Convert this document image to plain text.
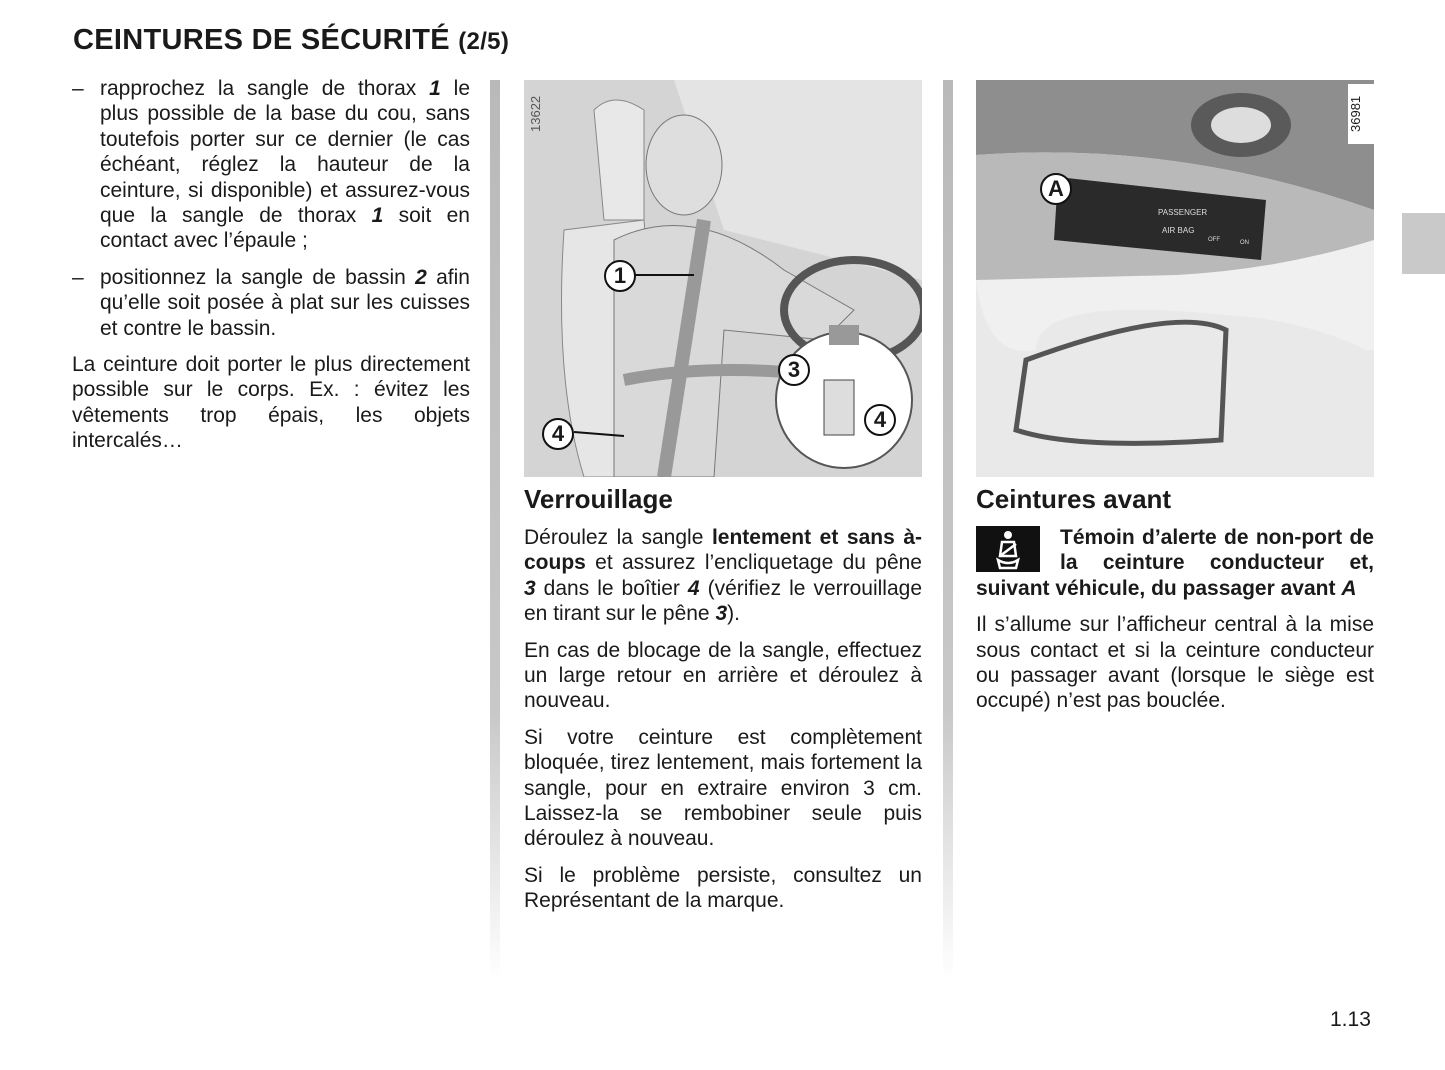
CEINTURES DE SÉCURITÉ (2/5)
– rapprochez la sangle de thorax 1 le plus possible de la base du cou, sans toutefois porter sur ce dernier (le cas échéant, réglez la hauteur de la ceinture, si disponible) et assurez-vous que la sangle de thorax 1 soit en contact avec l’épaule ;
– positionnez la sangle de bassin 2 afin qu’elle soit posée à plat sur les cuisses et contre le bassin.

La ceinture doit porter le plus directement possible sur le corps. Ex. : évitez les vêtements trop épais, les objets intercalés…

13622
1
3
4
4
36981
PASSENGER
AIR BAG
OFF	ON
A
Verrouillage

Déroulez la sangle lentement et sans à-coups et assurez l’encliquetage du pêne 3 dans le boîtier 4 (vérifiez le verrouillage en tirant sur le pêne 3).

En cas de blocage de la sangle, effectuez un large retour en arrière et déroulez à nouveau.

Si votre ceinture est complètement bloquée, tirez lentement, mais fortement la sangle, pour en extraire environ 3 cm. Laissez-la se rembobiner seule puis déroulez à nouveau.

Si le problème persiste, consultez un Représentant de la marque.

Ceintures avant
Témoin d’alerte de non-port de la ceinture conducteur et, suivant véhicule, du passager avant A

Il s’allume sur l’afficheur central à la mise sous contact et si la ceinture conducteur ou passager avant (lorsque le siège est occupé) n’est pas bouclée.

1.13
